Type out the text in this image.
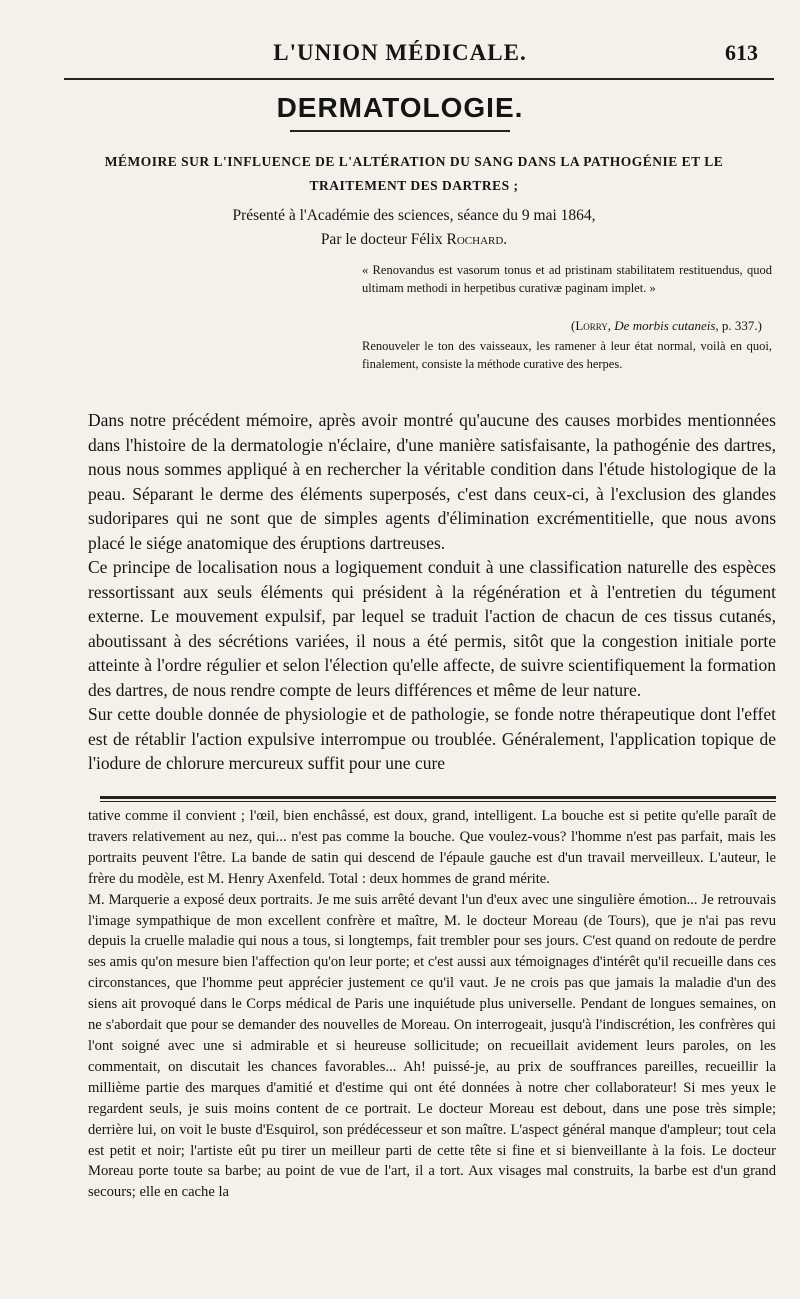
L'UNION MÉDICALE.	613
DERMATOLOGIE.
MÉMOIRE SUR L'INFLUENCE DE L'ALTÉRATION DU SANG DANS LA PATHOGÉNIE ET LE
TRAITEMENT DES DARTRES ;
Présenté à l'Académie des sciences, séance du 9 mai 1864,
Par le docteur Félix Rochard.
« Renovandus est vasorum tonus et ad pristinam stabilitatem restituendus, quod ultimam methodi in herpetibus curativæ paginam implet. »
(Lorry, De morbis cutaneis, p. 337.)
Renouveler le ton des vaisseaux, les ramener à leur état normal, voilà en quoi, finalement, consiste la méthode curative des herpes.

Dans notre précédent mémoire, après avoir montré qu'aucune des causes morbides mentionnées dans l'histoire de la dermatologie n'éclaire, d'une manière satisfaisante, la pathogénie des dartres, nous nous sommes appliqué à en rechercher la véritable condition dans l'étude histologique de la peau. Séparant le derme des éléments superposés, c'est dans ceux-ci, à l'exclusion des glandes sudoripares qui ne sont que de simples agents d'élimination excrémentitielle, que nous avons placé le siége anatomique des éruptions dartreuses.

Ce principe de localisation nous a logiquement conduit à une classification naturelle des espèces ressortissant aux seuls éléments qui président à la régénération et à l'entretien du tégument externe. Le mouvement expulsif, par lequel se traduit l'action de chacun de ces tissus cutanés, aboutissant à des sécrétions variées, il nous a été permis, sitôt que la congestion initiale porte atteinte à l'ordre régulier et selon l'élection qu'elle affecte, de suivre scientifiquement la formation des dartres, de nous rendre compte de leurs différences et même de leur nature.

Sur cette double donnée de physiologie et de pathologie, se fonde notre thérapeutique dont l'effet est de rétablir l'action expulsive interrompue ou troublée. Généralement, l'application topique de l'iodure de chlorure mercureux suffit pour une cure

tative comme il convient ; l'œil, bien enchâssé, est doux, grand, intelligent. La bouche est si petite qu'elle paraît de travers relativement au nez, qui... n'est pas comme la bouche. Que voulez-vous? l'homme n'est pas parfait, mais les portraits peuvent l'être. La bande de satin qui descend de l'épaule gauche est d'un travail merveilleux. L'auteur, le frère du modèle, est M. Henry Axenfeld. Total : deux hommes de grand mérite.

M. Marquerie a exposé deux portraits. Je me suis arrêté devant l'un d'eux avec une singulière émotion... Je retrouvais l'image sympathique de mon excellent confrère et maître, M. le docteur Moreau (de Tours), que je n'ai pas revu depuis la cruelle maladie qui nous a tous, si longtemps, fait trembler pour ses jours. C'est quand on redoute de perdre ses amis qu'on mesure bien l'affection qu'on leur porte; et c'est aussi aux témoignages d'intérêt qu'il recueille dans ces circonstances, que l'homme peut apprécier justement ce qu'il vaut. Je ne crois pas que jamais la maladie d'un des siens ait provoqué dans le Corps médical de Paris une inquiétude plus universelle. Pendant de longues semaines, on ne s'abordait que pour se demander des nouvelles de Moreau. On interrogeait, jusqu'à l'indiscrétion, les confrères qui l'ont soigné avec une si admirable et si heureuse sollicitude; on recueillait avidement leurs paroles, on les commentait, on discutait les chances favorables... Ah! puissé-je, au prix de souffrances pareilles, recueillir la millième partie des marques d'amitié et d'estime qui ont été données à notre cher collaborateur! Si mes yeux le regardent seuls, je suis moins content de ce portrait. Le docteur Moreau est debout, dans une pose très simple; derrière lui, on voit le buste d'Esquirol, son prédécesseur et son maître. L'aspect général manque d'ampleur; tout cela est petit et noir; l'artiste eût pu tirer un meilleur parti de cette tête si fine et si bienveillante à la fois. Le docteur Moreau porte toute sa barbe; au point de vue de l'art, il a tort. Aux visages mal construits, la barbe est d'un grand secours; elle en cache la
